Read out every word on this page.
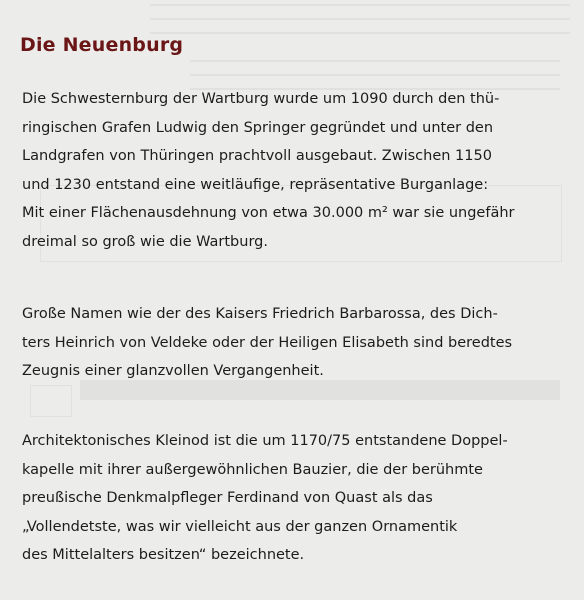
Die Neuenburg

Die Schwesternburg der Wartburg wurde um 1090 durch den thü-
ringischen Grafen Ludwig den Springer gegründet und unter den
Landgrafen von Thüringen prachtvoll ausgebaut. Zwischen 1150
und 1230 entstand eine weitläufige, repräsentative Burganlage:
Mit einer Flächenausdehnung von etwa 30.000 m² war sie ungefähr
dreimal so groß wie die Wartburg.

Große Namen wie der des Kaisers Friedrich Barbarossa, des Dich-
ters Heinrich von Veldeke oder der Heiligen Elisabeth sind beredtes
Zeugnis einer glanzvollen Vergangenheit.

Architektonisches Kleinod ist die um 1170/75 entstandene Doppel-
kapelle mit ihrer außergewöhnlichen Bauzier, die der berühmte
preußische Denkmalpfleger Ferdinand von Quast als das
„Vollendetste, was wir vielleicht aus der ganzen Ornamentik
des Mittelalters besitzen“ bezeichnete.
